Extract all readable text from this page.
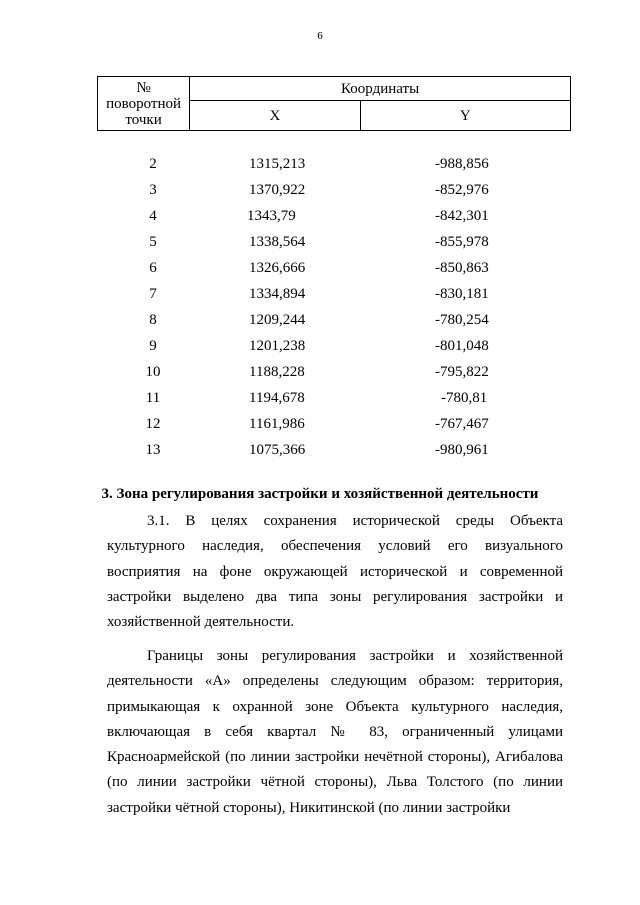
6
№ поворотной точки	Координаты	
	X	Y
2	1315,213	-988,856
3	1370,922	-852,976
4	1343,79	-842,301
5	1338,564	-855,978
6	1326,666	-850,863
7	1334,894	-830,181
8	1209,244	-780,254
9	1201,238	-801,048
10	1188,228	-795,822
11	1194,678	-780,81
12	1161,986	-767,467
13	1075,366	-980,961
3. Зона регулирования застройки и хозяйственной деятельности

3.1. В целях сохранения исторической среды Объекта культурного наследия, обеспечения условий его визуального восприятия на фоне окружающей исторической и современной застройки выделено два типа зоны регулирования застройки и хозяйственной деятельности.

Границы зоны регулирования застройки и хозяйственной деятельности «А» определены следующим образом: территория, примыкающая к охранной зоне Объекта культурного наследия, включающая в себя квартал № 83, ограниченный улицами Красноармейской (по линии застройки нечётной стороны), Агибалова (по линии застройки чётной стороны), Льва Толстого (по линии застройки чётной стороны), Никитинской (по линии застройки
